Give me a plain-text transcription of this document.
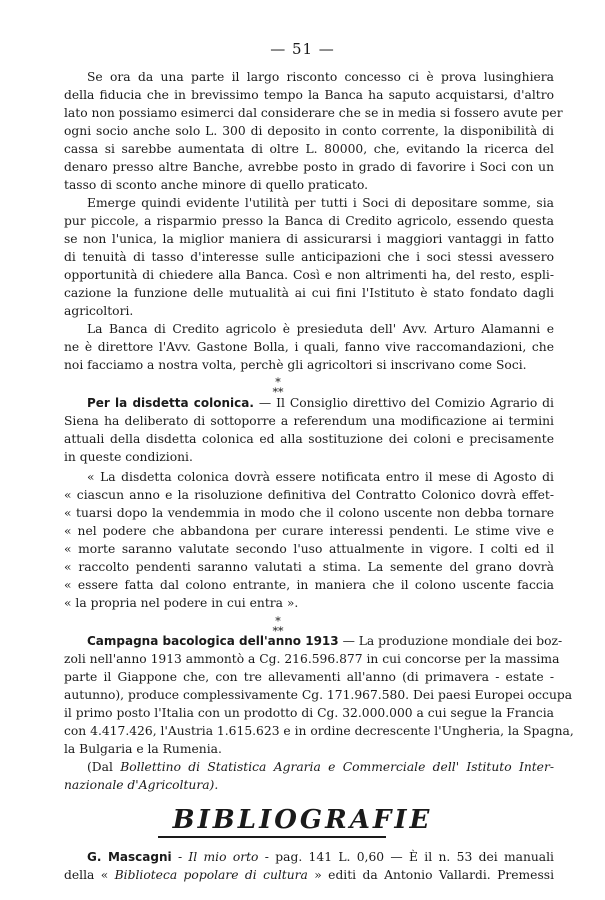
— 51 —
Se ora da una parte il largo risconto concesso ci è prova lusinghiera
della fiducia che in brevissimo tempo la Banca ha saputo acquistarsi, d'altro
lato non possiamo esimerci dal considerare che se in media si fossero avute per
ogni socio anche solo L. 300 di deposito in conto corrente, la disponibilità di
cassa si sarebbe aumentata di oltre L. 80000, che, evitando la ricerca del
denaro presso altre Banche, avrebbe posto in grado di favorire i Soci con un
tasso di sconto anche minore di quello praticato.
Emerge quindi evidente l'utilità per tutti i Soci di depositare somme, sia
pur piccole, a risparmio presso la Banca di Credito agricolo, essendo questa
se non l'unica, la miglior maniera di assicurarsi i maggiori vantaggi in fatto
di tenuità di tasso d'interesse sulle anticipazioni che i soci stessi avessero
opportunità di chiedere alla Banca. Così e non altrimenti ha, del resto, espli-
cazione la funzione delle mutualità ai cui fini l'Istituto è stato fondato dagli
agricoltori.
La Banca di Credito agricolo è presieduta dell' Avv. Arturo Alamanni e
ne è direttore l'Avv. Gastone Bolla, i quali, fanno vive raccomandazioni, che
noi facciamo a nostra volta, perchè gli agricoltori si inscrivano come Soci.
⁎
⁎⁎
Per la disdetta colonica. — Il Consiglio direttivo del Comizio Agrario di
Siena ha deliberato di sottoporre a referendum una modificazione ai termini
attuali della disdetta colonica ed alla sostituzione dei coloni e precisamente
in queste condizioni.
« La disdetta colonica dovrà essere notificata entro il mese di Agosto di
« ciascun anno e la risoluzione definitiva del Contratto Colonico dovrà effet-
« tuarsi dopo la vendemmia in modo che il colono uscente non debba tornare
« nel podere che abbandona per curare interessi pendenti. Le stime vive e
« morte saranno valutate secondo l'uso attualmente in vigore. I colti ed il
« raccolto pendenti saranno valutati a stima. La semente del grano dovrà
« essere fatta dal colono entrante, in maniera che il colono uscente faccia
« la propria nel podere in cui entra ».
⁎
⁎⁎
Campagna bacologica dell'anno 1913 — La produzione mondiale dei boz-
zoli nell'anno 1913 ammontò a Cg. 216.596.877 in cui concorse per la massima
parte il Giappone che, con tre allevamenti all'anno (di primavera - estate -
autunno), produce complessivamente Cg. 171.967.580. Dei paesi Europei occupa
il primo posto l'Italia con un prodotto di Cg. 32.000.000 a cui segue la Francia
con 4.417.426, l'Austria 1.615.623 e in ordine decrescente l'Ungheria, la Spagna,
la Bulgaria e la Rumenia.
(Dal Bollettino di Statistica Agraria e Commerciale dell' Istituto Inter-
nazionale d'Agricoltura).
BIBLIOGRAFIE
G. Mascagni - Il mio orto - pag. 141 L. 0,60 — È il n. 53 dei manuali
della « Biblioteca popolare di cultura » editi da Antonio Vallardi. Premessi
